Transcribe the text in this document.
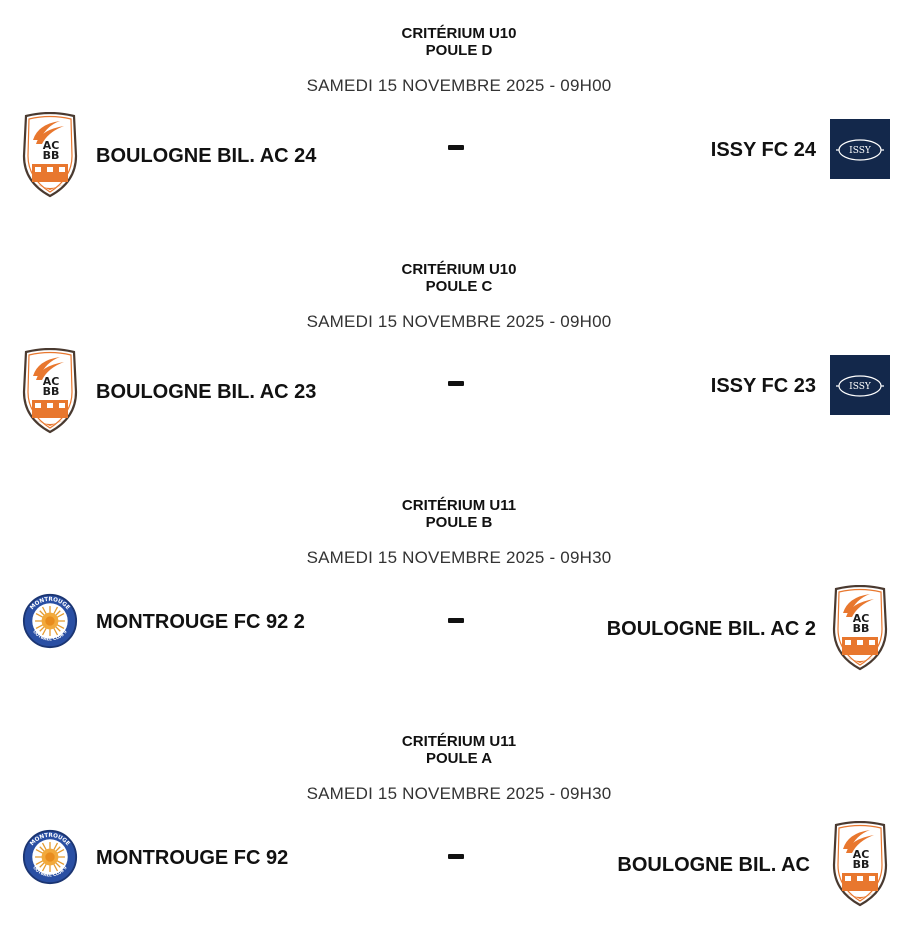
CRITÉRIUM U10
POULE D
SAMEDI 15 NOVEMBRE 2025 - 09H00
BOULOGNE BIL. AC 24	ISSY FC 24	ISSY
CRITÉRIUM U10
POULE C
SAMEDI 15 NOVEMBRE 2025 - 09H00
BOULOGNE BIL. AC 23	ISSY FC 23	ISSY
CRITÉRIUM U11
POULE B
SAMEDI 15 NOVEMBRE 2025 - 09H30
MONTROUGE FC 92 2	BOULOGNE BIL. AC 2
CRITÉRIUM U11
POULE A
SAMEDI 15 NOVEMBRE 2025 - 09H30
MONTROUGE FC 92	BOULOGNE BIL. AC
